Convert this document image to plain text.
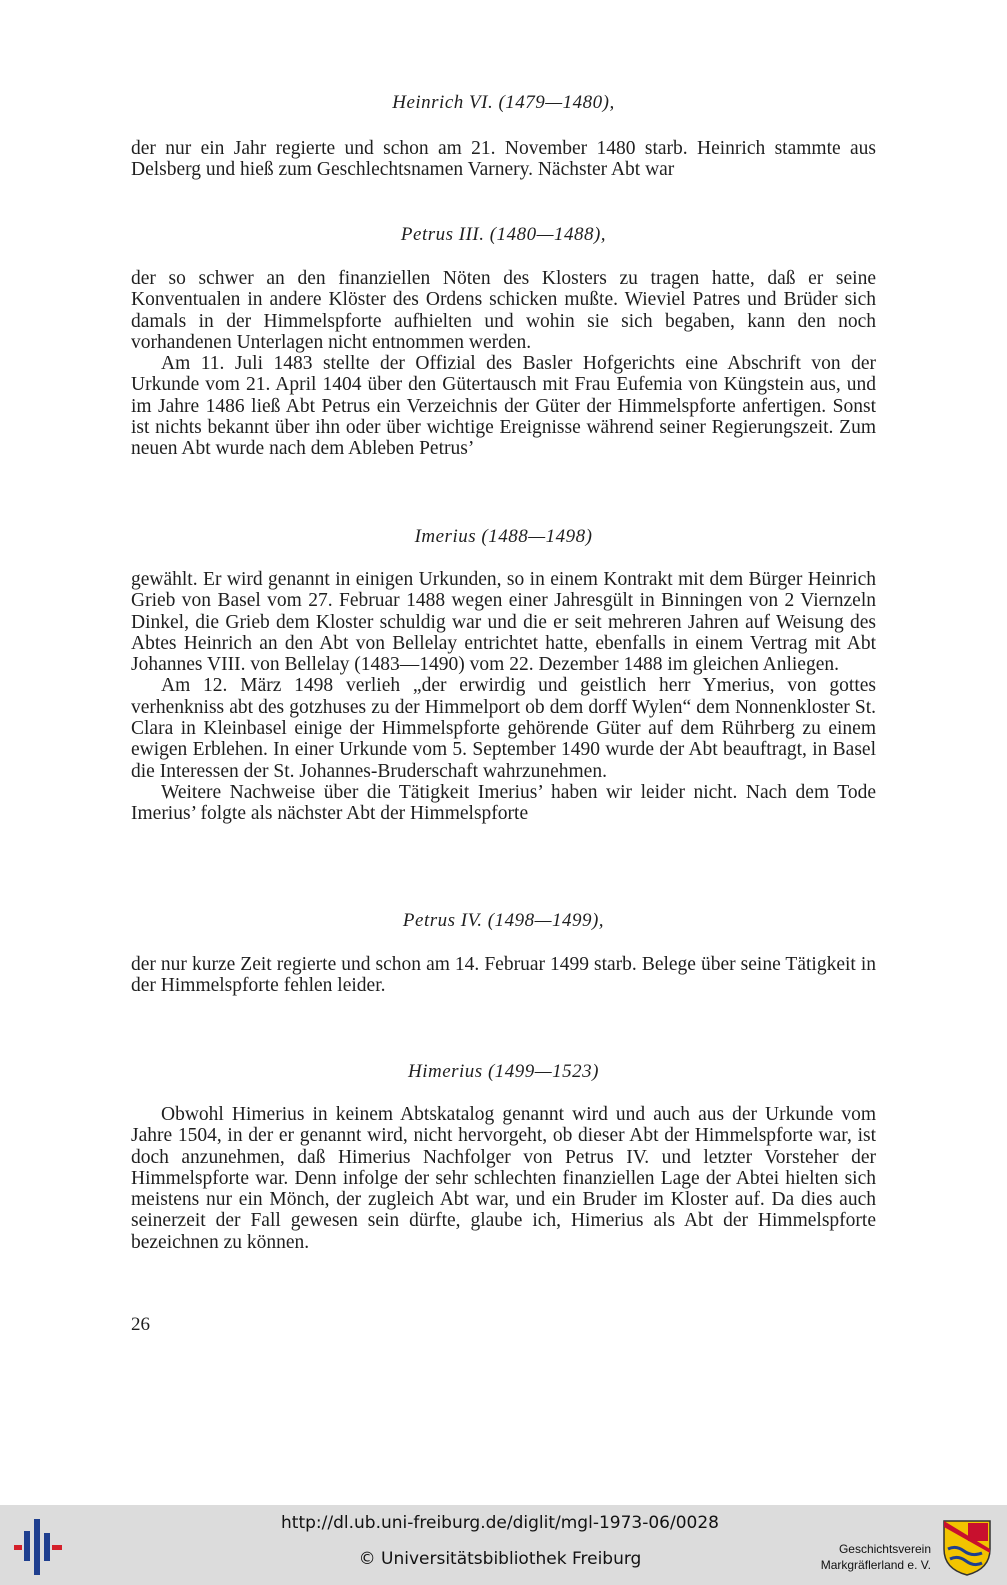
Heinrich VI. (1479—1480),

der nur ein Jahr regierte und schon am 21. November 1480 starb. Heinrich stammte aus Delsberg und hieß zum Geschlechtsnamen Varnery. Nächster Abt war

Petrus III. (1480—1488),

der so schwer an den finanziellen Nöten des Klosters zu tragen hatte, daß er seine Konventualen in andere Klöster des Ordens schicken mußte. Wieviel Patres und Brüder sich damals in der Himmelspforte aufhielten und wohin sie sich begaben, kann den noch vorhandenen Unterlagen nicht entnommen werden.

Am 11. Juli 1483 stellte der Offizial des Basler Hofgerichts eine Abschrift von der Urkunde vom 21. April 1404 über den Gütertausch mit Frau Eufemia von Küngstein aus, und im Jahre 1486 ließ Abt Petrus ein Verzeichnis der Güter der Himmelspforte anfertigen. Sonst ist nichts bekannt über ihn oder über wichtige Ereignisse während seiner Regierungszeit. Zum neuen Abt wurde nach dem Ableben Petrus’

Imerius (1488—1498)

gewählt. Er wird genannt in einigen Urkunden, so in einem Kontrakt mit dem Bürger Heinrich Grieb von Basel vom 27. Februar 1488 wegen einer Jahresgült in Binningen von 2 Viernzeln Dinkel, die Grieb dem Kloster schuldig war und die er seit mehreren Jahren auf Weisung des Abtes Heinrich an den Abt von Bellelay entrichtet hatte, ebenfalls in einem Vertrag mit Abt Johannes VIII. von Bellelay (1483—1490) vom 22. Dezember 1488 im gleichen Anliegen.

Am 12. März 1498 verlieh „der erwirdig und geistlich herr Ymerius, von gottes verhenkniss abt des gotzhuses zu der Himmelport ob dem dorff Wylen“ dem Nonnenkloster St. Clara in Kleinbasel einige der Himmelspforte gehörende Güter auf dem Rührberg zu einem ewigen Erblehen. In einer Urkunde vom 5. September 1490 wurde der Abt beauftragt, in Basel die Interessen der St. Johannes-Bruderschaft wahrzunehmen.

Weitere Nachweise über die Tätigkeit Imerius’ haben wir leider nicht. Nach dem Tode Imerius’ folgte als nächster Abt der Himmelspforte

Petrus IV. (1498—1499),

der nur kurze Zeit regierte und schon am 14. Februar 1499 starb. Belege über seine Tätigkeit in der Himmelspforte fehlen leider.

Himerius (1499—1523)

Obwohl Himerius in keinem Abtskatalog genannt wird und auch aus der Urkunde vom Jahre 1504, in der er genannt wird, nicht hervorgeht, ob dieser Abt der Himmelspforte war, ist doch anzunehmen, daß Himerius Nachfolger von Petrus IV. und letzter Vorsteher der Himmelspforte war. Denn infolge der sehr schlechten finanziellen Lage der Abtei hielten sich meistens nur ein Mönch, der zugleich Abt war, und ein Bruder im Kloster auf. Da dies auch seinerzeit der Fall gewesen sein dürfte, glaube ich, Himerius als Abt der Himmelspforte bezeichnen zu können.

26
http://dl.ub.uni-freiburg.de/diglit/mgl-1973-06/0028
© Universitätsbibliothek Freiburg	Geschichtsverein
Markgräflerland e. V.
